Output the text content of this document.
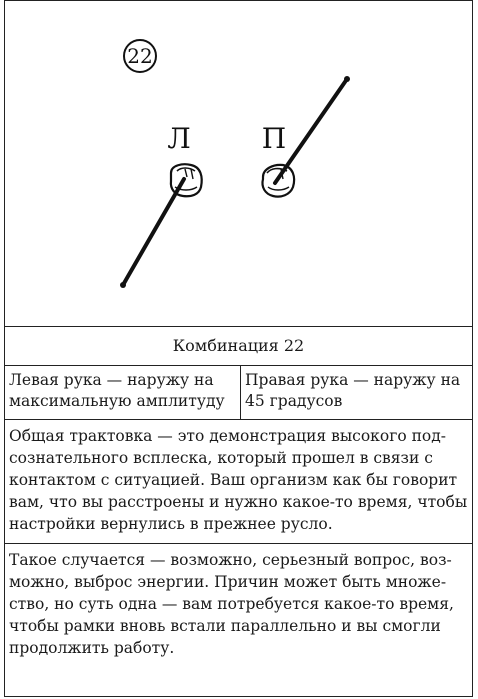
22
Л	П
Комбинация 22
Левая рука — наружу на максимальную амплитуду
Правая рука — наружу на 45 градусов
Общая трактовка — это демонстрация высокого под-сознательного всплеска, который прошел в связи с контактом с ситуацией. Ваш организм как бы говорит вам, что вы расстроены и нужно какое-то время, чтобы настройки вернулись в прежнее русло.
Такое случается — возможно, серьезный вопрос, воз-можно, выброс энергии. Причин может быть множе-ство, но суть одна — вам потребуется какое-то время, чтобы рамки вновь встали параллельно и вы смогли продолжить работу.
